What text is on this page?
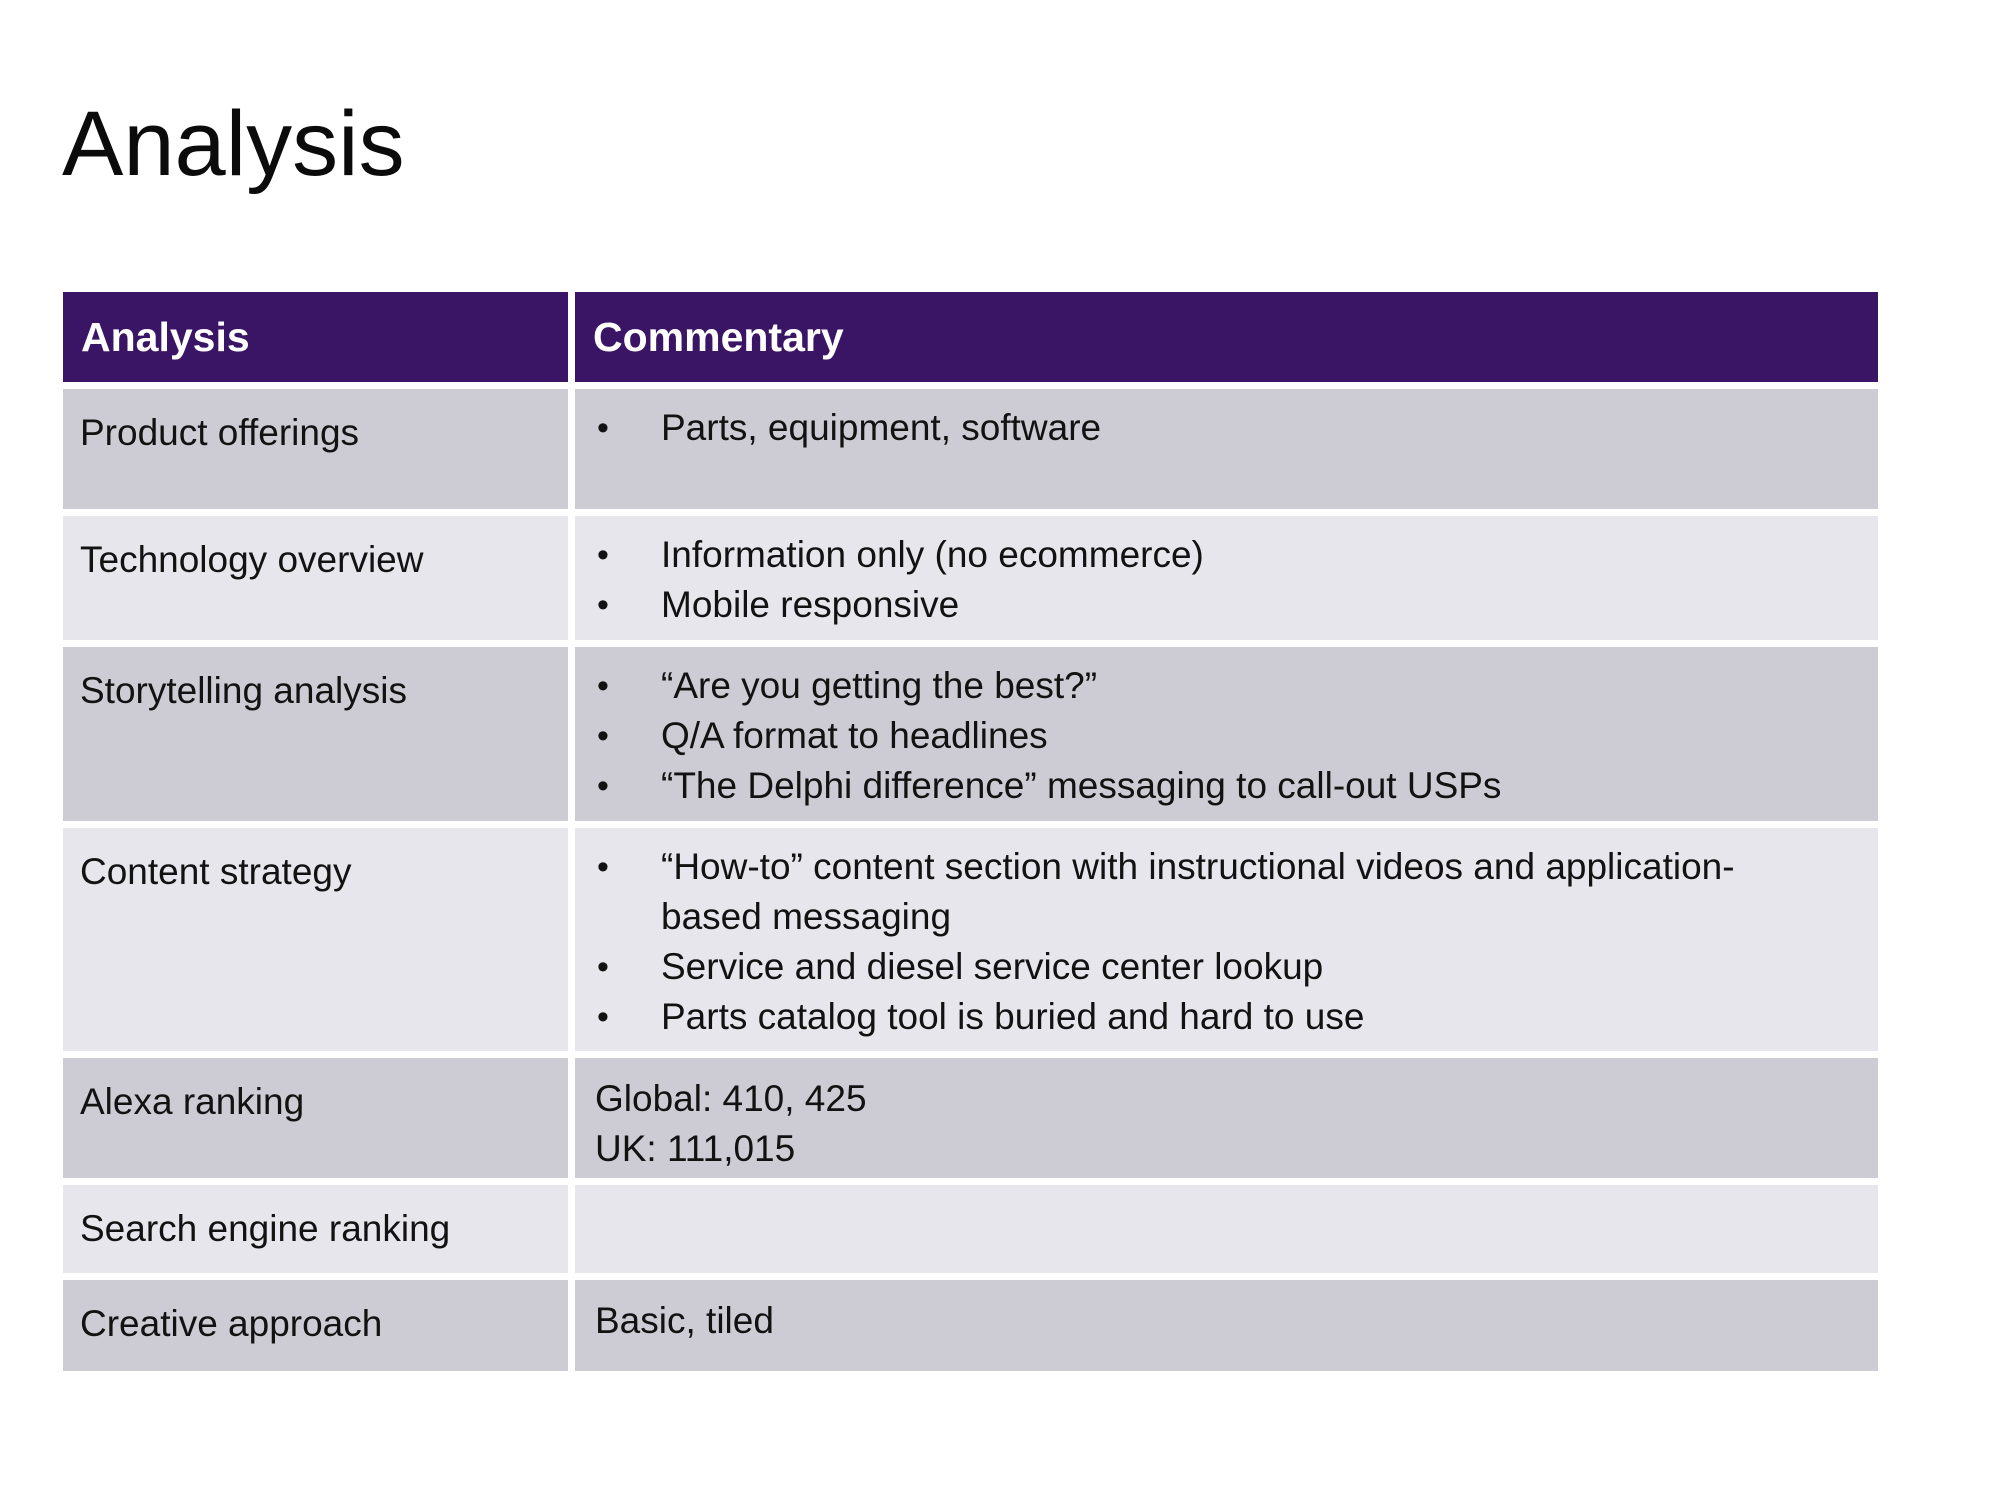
Analysis
Analysis	Commentary
Product offerings	• Parts, equipment, software
Technology overview	• Information only (no ecommerce)
• Mobile responsive
Storytelling analysis	• “Are you getting the best?”
• Q/A format to headlines
• “The Delphi difference” messaging to call-out USPs
Content strategy	• “How-to” content section with instructional videos and application-based messaging
• Service and diesel service center lookup
• Parts catalog tool is buried and hard to use
Alexa ranking	Global: 410, 425
UK: 111,015
Search engine ranking
Creative approach	Basic, tiled
